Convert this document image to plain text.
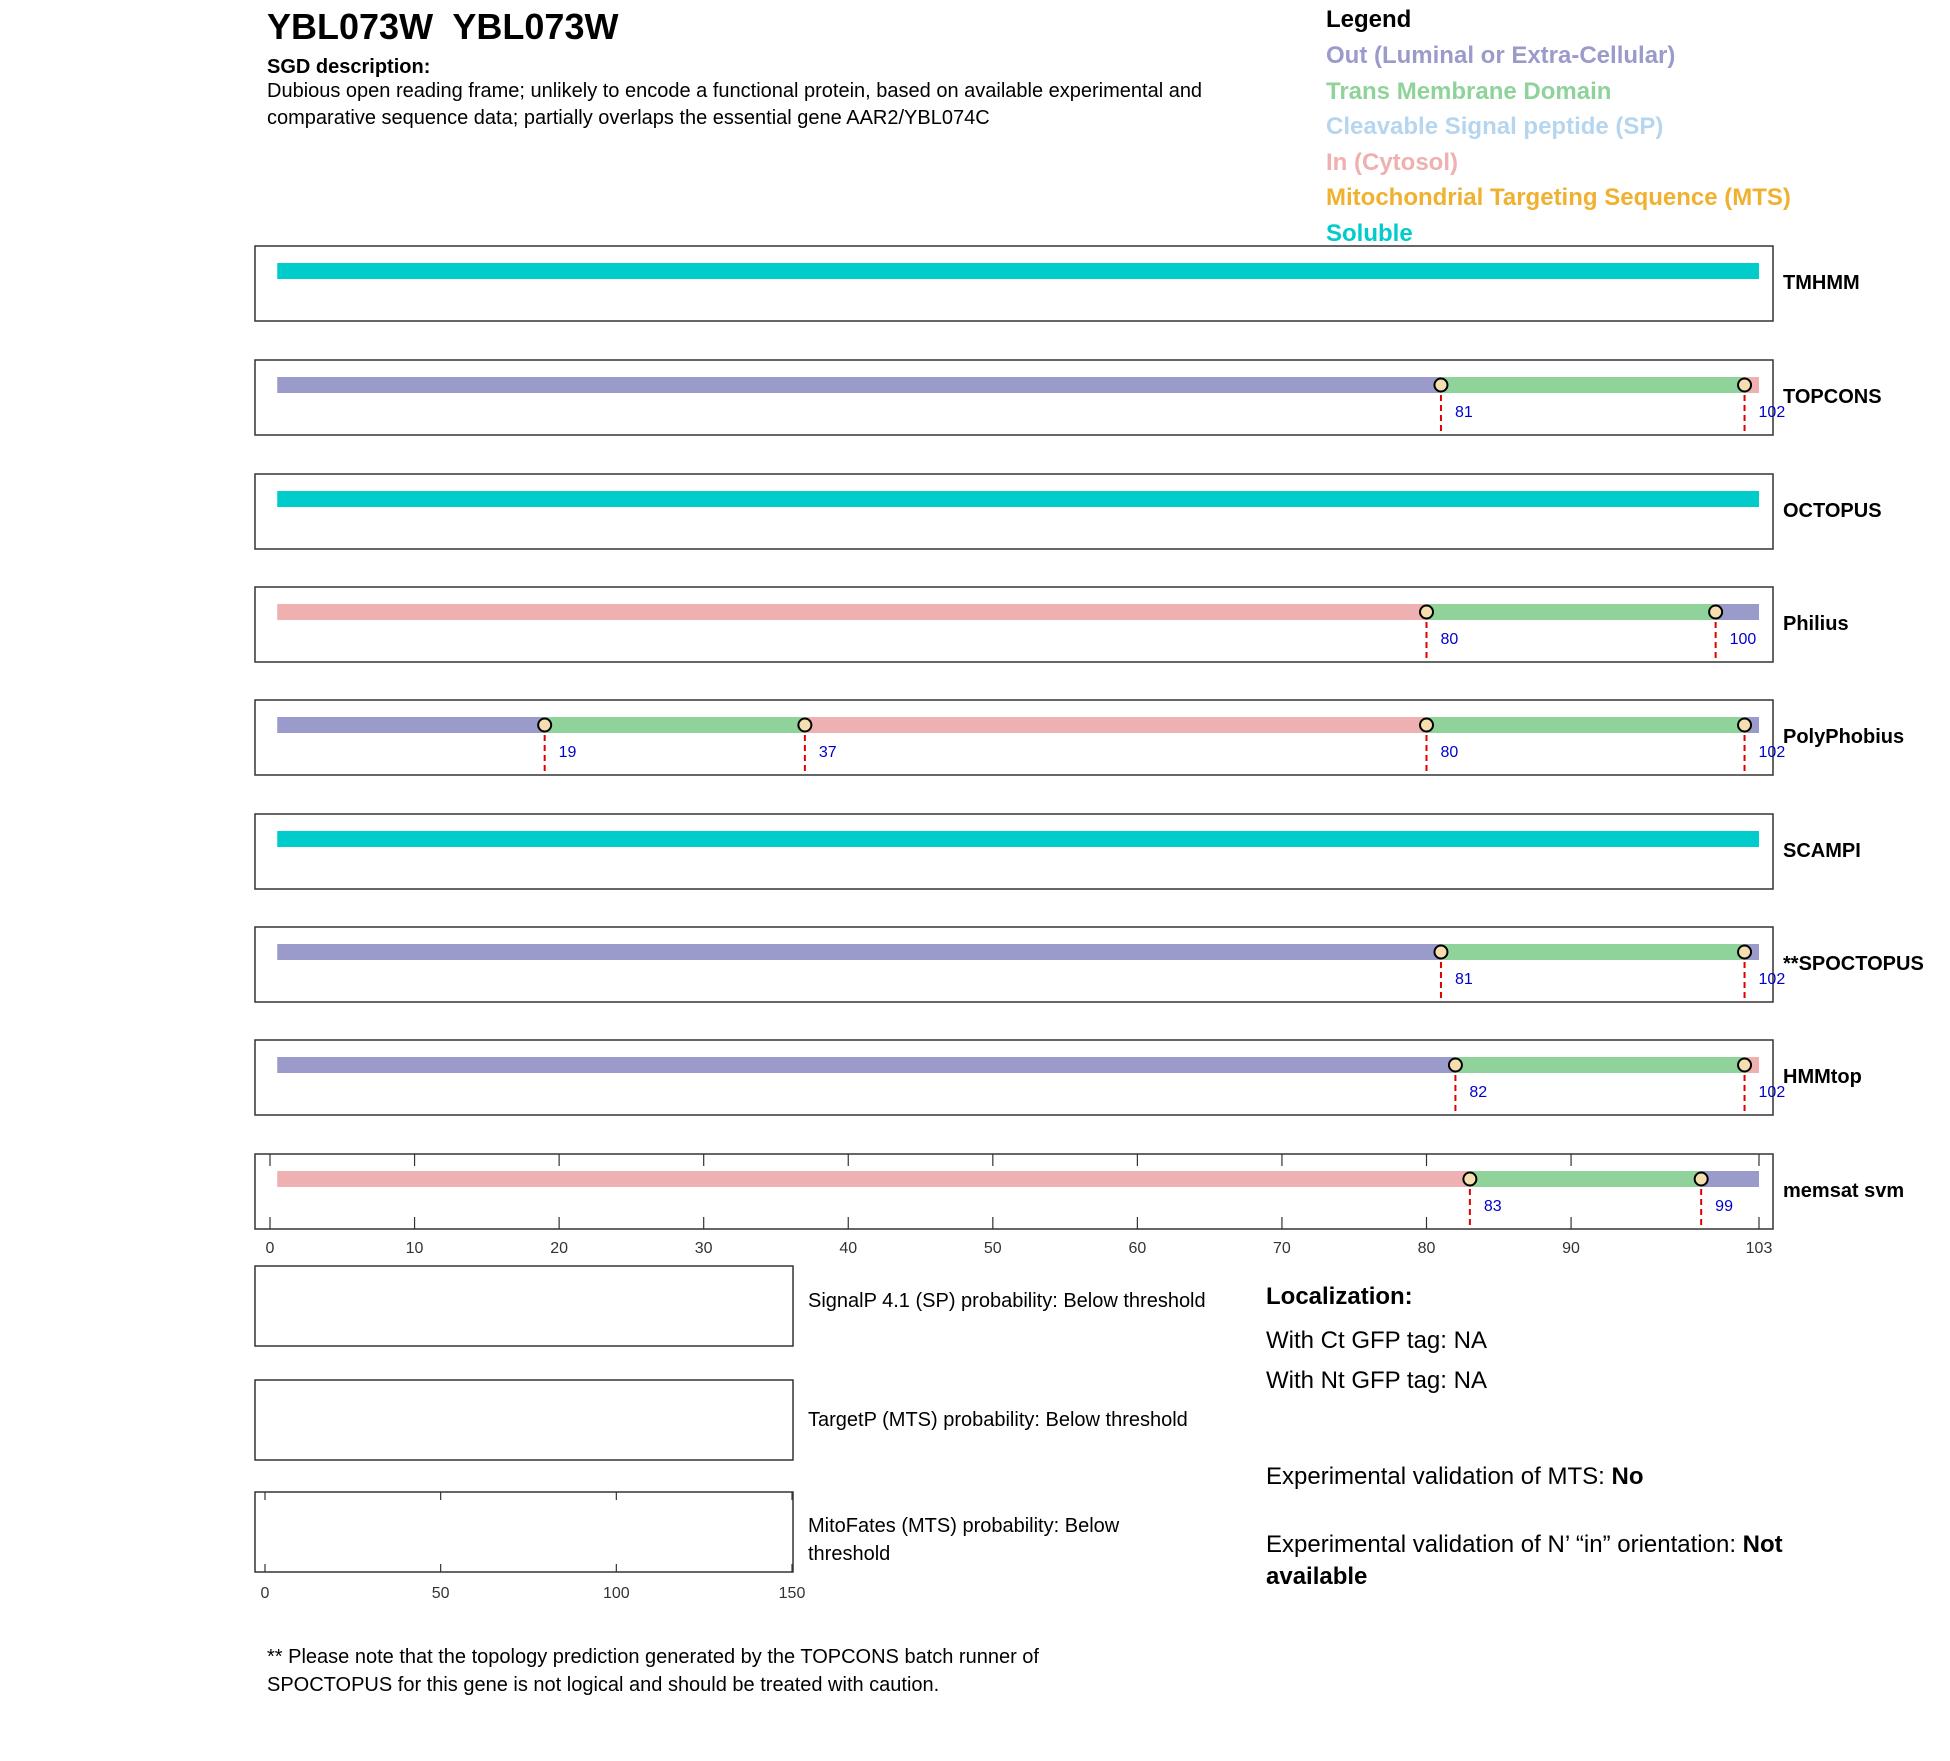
YBL073W  YBL073W
SGD description:
Dubious open reading frame; unlikely to encode a functional protein, based on available experimental and comparative sequence data; partially overlaps the essential gene AAR2/YBL074C
Legend
Out (Luminal or Extra-Cellular)
Trans Membrane Domain
Cleavable Signal peptide (SP)
In (Cytosol)
Mitochondrial Targeting Sequence (MTS)
Soluble
TMHMM
81	102
TOPCONS
OCTOPUS
80	100
Philius
19	37	80	102
PolyPhobius
SCAMPI
81	102
**SPOCTOPUS
82	102
HMMtop
83	99
memsat svm
0	10	20	30	40	50	60	70	80	90	103
0	50	100	150
SignalP 4.1 (SP) probability: Below threshold
TargetP (MTS) probability: Below threshold
MitoFates (MTS) probability: Below threshold
Localization:
With Ct GFP tag: NA
With Nt GFP tag: NA
Experimental validation of MTS: No
Experimental validation of N’ “in” orientation: Not available
** Please note that the topology prediction generated by the TOPCONS batch runner of SPOCTOPUS for this gene is not logical and should be treated with caution.
